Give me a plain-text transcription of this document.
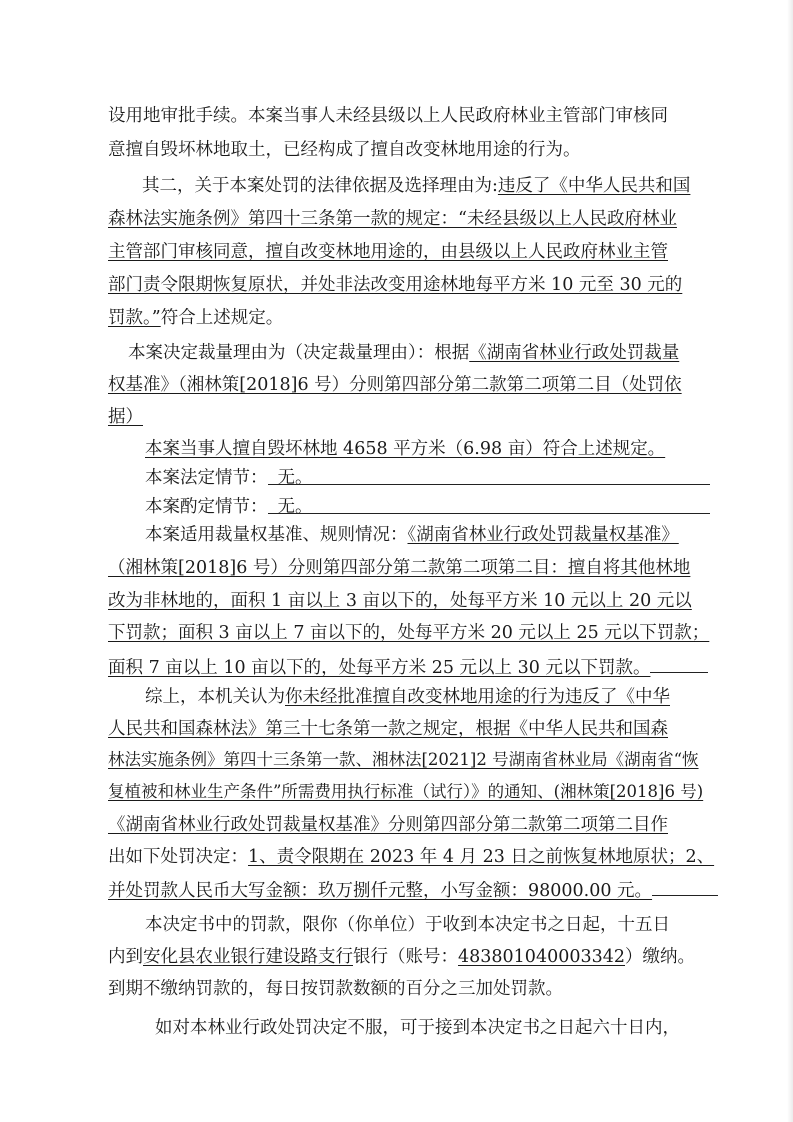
设用地审批手续。本案当事人未经县级以上人民政府林业主管部门审核同
意擅自毁坏林地取土，已经构成了擅自改变林地用途的行为。
其二，关于本案处罚的法律依据及选择理由为:违反了《中华人民共和国
森林法实施条例》第四十三条第一款的规定：“未经县级以上人民政府林业
主管部门审核同意，擅自改变林地用途的，由县级以上人民政府林业主管
部门责令限期恢复原状，并处非法改变用途林地每平方米 10 元至 30 元的
罚款。”符合上述规定。
本案决定裁量理由为（决定裁量理由）：根据《湖南省林业行政处罚裁量
权基准》（湘林策[2018]6 号）分则第四部分第二款第二项第二目（处罚依
据）
本案当事人擅自毁坏林地 4658 平方米（6.98 亩）符合上述规定。
本案法定情节： 无。
本案酌定情节： 无。
本案适用裁量权基准、规则情况：《湖南省林业行政处罚裁量权基准》
（湘林策[2018]6 号）分则第四部分第二款第二项第二目：擅自将其他林地
改为非林地的，面积 1 亩以上 3 亩以下的，处每平方米 10 元以上 20 元以
下罚款；面积 3 亩以上 7 亩以下的，处每平方米 20 元以上 25 元以下罚款；
面积 7 亩以上 10 亩以下的，处每平方米 25 元以上 30 元以下罚款。
综上，本机关认为你未经批准擅自改变林地用途的行为违反了《中华
人民共和国森林法》第三十七条第一款之规定，根据《中华人民共和国森
林法实施条例》第四十三条第一款、湘林法[2021]2 号湖南省林业局《湖南省“恢
复植被和林业生产条件”所需费用执行标准（试行）》的通知、(湘林策[2018]6 号)
《湖南省林业行政处罚裁量权基准》分则第四部分第二款第二项第二目作
出如下处罚决定：1、责令限期在 2023 年 4 月 23 日之前恢复林地原状；2、
并处罚款人民币大写金额：玖万捌仟元整，小写金额：98000.00 元。
本决定书中的罚款，限你（你单位）于收到本决定书之日起，十五日
内到安化县农业银行建设路支行银行（账号：483801040003342）缴纳。
到期不缴纳罚款的，每日按罚款数额的百分之三加处罚款。
如对本林业行政处罚决定不服，可于接到本决定书之日起六十日内，
